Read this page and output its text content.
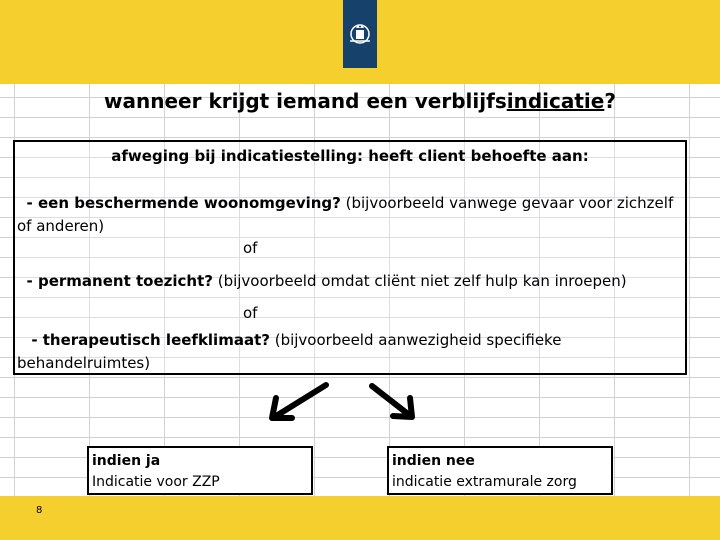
wanneer krijgt iemand een verblijfsindicatie?
afweging bij indicatiestelling: heeft client behoefte aan:
- een beschermende woonomgeving? (bijvoorbeeld vanwege gevaar voor zichzelf of anderen)
of
- permanent toezicht? (bijvoorbeeld omdat cliënt niet zelf hulp kan inroepen)
of
- therapeutisch leefklimaat? (bijvoorbeeld aanwezigheid specifieke behandelruimtes)
indien ja
Indicatie voor ZZP
indien nee
indicatie extramurale zorg
8
